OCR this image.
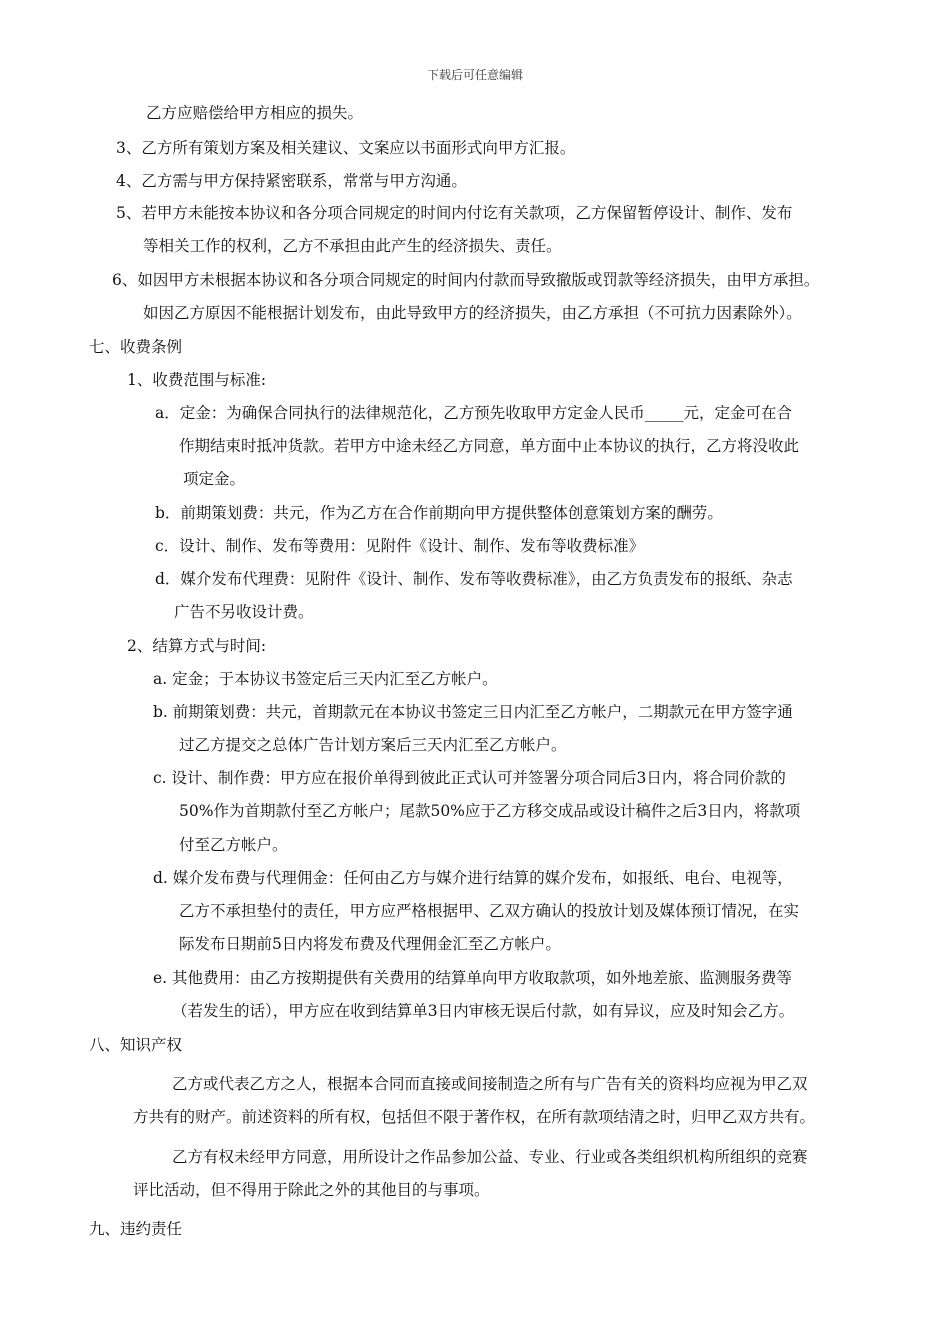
下载后可任意编辑
乙方应赔偿给甲方相应的损失。
3、乙方所有策划方案及相关建议、文案应以书面形式向甲方汇报。
4、乙方需与甲方保持紧密联系，常常与甲方沟通。
5、若甲方未能按本协议和各分项合同规定的时间内付讫有关款项，乙方保留暂停设计、制作、发布
等相关工作的权利，乙方不承担由此产生的经济损失、责任。
6、如因甲方未根据本协议和各分项合同规定的时间内付款而导致撤版或罚款等经济损失，由甲方承担。
如因乙方原因不能根据计划发布，由此导致甲方的经济损失，由乙方承担（不可抗力因素除外）。
七、收费条例
1、收费范围与标准:
a．定金：为确保合同执行的法律规范化，乙方预先收取甲方定金人民币_____元，定金可在合
作期结束时抵冲货款。若甲方中途未经乙方同意，单方面中止本协议的执行，乙方将没收此
项定金。
b．前期策划费：共元，作为乙方在合作前期向甲方提供整体创意策划方案的酬劳。
c．设计、制作、发布等费用：见附件《设计、制作、发布等收费标准》
d．媒介发布代理费：见附件《设计、制作、发布等收费标准》，由乙方负责发布的报纸、杂志
广告不另收设计费。
2、结算方式与时间:
a. 定金；于本协议书签定后三天内汇至乙方帐户。
b. 前期策划费：共元，首期款元在本协议书签定三日内汇至乙方帐户，二期款元在甲方签字通
过乙方提交之总体广告计划方案后三天内汇至乙方帐户。
c. 设计、制作费：甲方应在报价单得到彼此正式认可并签署分项合同后3日内，将合同价款的
50%作为首期款付至乙方帐户；尾款50%应于乙方移交成品或设计稿件之后3日内，将款项
付至乙方帐户。
d. 媒介发布费与代理佣金：任何由乙方与媒介进行结算的媒介发布，如报纸、电台、电视等，
乙方不承担垫付的责任，甲方应严格根据甲、乙双方确认的投放计划及媒体预订情况，在实
际发布日期前5日内将发布费及代理佣金汇至乙方帐户。
e. 其他费用：由乙方按期提供有关费用的结算单向甲方收取款项，如外地差旅、监测服务费等
（若发生的话），甲方应在收到结算单3日内审核无误后付款，如有异议，应及时知会乙方。
八、知识产权
乙方或代表乙方之人，根据本合同而直接或间接制造之所有与广告有关的资料均应视为甲乙双
方共有的财产。前述资料的所有权，包括但不限于著作权，在所有款项结清之时，归甲乙双方共有。
乙方有权未经甲方同意，用所设计之作品参加公益、专业、行业或各类组织机构所组织的竞赛
评比活动，但不得用于除此之外的其他目的与事项。
九、违约责任
